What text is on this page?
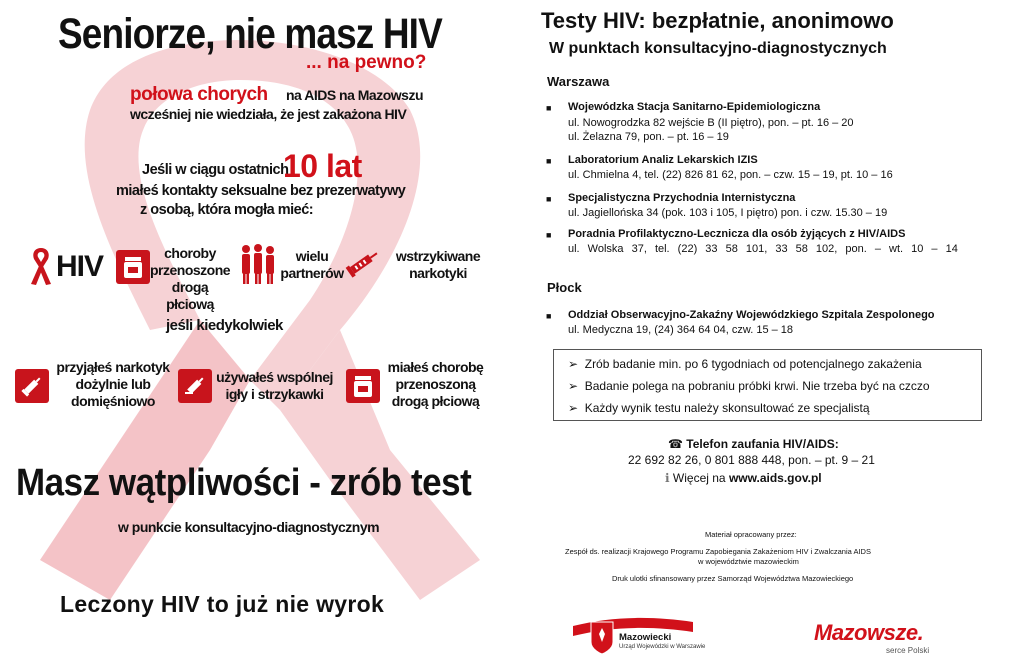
Seniorze, nie masz HIV
... na pewno?
połowa chorych na AIDS na Mazowszu
wcześniej nie wiedziała, że jest zakażona HIV
Jeśli w ciągu ostatnich
10 lat
miałeś kontakty seksualne bez prezerwatywy
z osobą, która mogła mieć:
HIV	choroby
przenoszone
drogą płciową
wielu
partnerów
wstrzykiwane
narkotyki
jeśli kiedykolwiek
przyjąłeś narkotyk
dożylnie lub
domięśniowo
używałeś wspólnej
igły i strzykawki
miałeś chorobę
przenoszoną
drogą płciową
Masz wątpliwości - zrób test
w punkcie konsultacyjno-diagnostycznym
Leczony HIV to już nie wyrok
Testy HIV: bezpłatnie, anonimowo
W punktach konsultacyjno-diagnostycznych
Warszawa
■ Wojewódzka Stacja Sanitarno-Epidemiologiczna
ul. Nowogrodzka 82 wejście B (II piętro), pon. – pt. 16 – 20
ul. Żelazna 79, pon. – pt. 16 – 19
■ Laboratorium Analiz Lekarskich IZIS
ul. Chmielna 4, tel. (22) 826 81 62, pon. – czw. 15 – 19, pt. 10 – 16
■ Specjalistyczna Przychodnia Internistyczna
ul. Jagiellońska 34 (pok. 103 i 105, I piętro) pon. i czw. 15.30 – 19
■ Poradnia Profilaktyczno-Lecznicza dla osób żyjących z HIV/AIDS
ul. Wolska 37, tel. (22) 33 58 101, 33 58 102, pon. – wt. 10 – 14
Płock
■ Oddział Obserwacyjno-Zakaźny Wojewódzkiego Szpitala Zespolonego
ul. Medyczna 19, (24) 364 64 04, czw. 15 – 18
➢ Zrób badanie min. po 6 tygodniach od potencjalnego zakażenia
➢ Badanie polega na pobraniu próbki krwi. Nie trzeba być na czczo
➢ Każdy wynik testu należy skonsultować ze specjalistą
☎ Telefon zaufania HIV/AIDS:
22 692 82 26, 0 801 888 448, pon. – pt. 9 – 21
ℹ Więcej na www.aids.gov.pl
Materiał opracowany przez:
Zespół ds. realizacji Krajowego Programu Zapobiegania Zakażeniom HIV i Zwalczania AIDS
w województwie mazowieckim
Druk ulotki sfinansowany przez Samorząd Województwa Mazowieckiego
Mazowiecki
Urząd Wojewódzki w Warszawie
Mazowsze.
serce Polski
